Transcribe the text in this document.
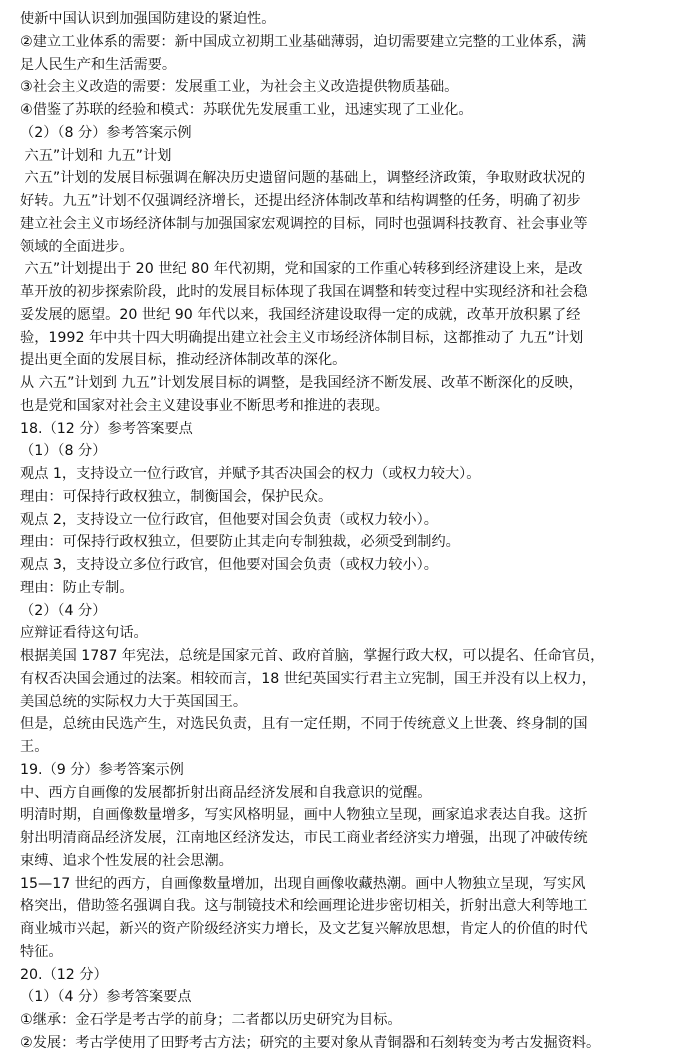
使新中国认识到加强国防建设的紧迫性。
②建立工业体系的需要：新中国成立初期工业基础薄弱，迫切需要建立完整的工业体系，满
足人民生产和生活需要。
③社会主义改造的需要：发展重工业，为社会主义改造提供物质基础。
④借鉴了苏联的经验和模式：苏联优先发展重工业，迅速实现了工业化。
（2）（8 分）参考答案示例
六五”计划和 九五”计划
六五”计划的发展目标强调在解决历史遗留问题的基础上，调整经济政策，争取财政状况的
好转。九五”计划不仅强调经济增长，还提出经济体制改革和结构调整的任务，明确了初步
建立社会主义市场经济体制与加强国家宏观调控的目标，同时也强调科技教育、社会事业等
领域的全面进步。
六五”计划提出于 20 世纪 80 年代初期，党和国家的工作重心转移到经济建设上来，是改
革开放的初步探索阶段，此时的发展目标体现了我国在调整和转变过程中实现经济和社会稳
妥发展的愿望。20 世纪 90 年代以来，我国经济建设取得一定的成就，改革开放积累了经
验，1992 年中共十四大明确提出建立社会主义市场经济体制目标，这都推动了 九五”计划
提出更全面的发展目标，推动经济体制改革的深化。
从 六五”计划到 九五”计划发展目标的调整，是我国经济不断发展、改革不断深化的反映，
也是党和国家对社会主义建设事业不断思考和推进的表现。
18.（12 分）参考答案要点
（1）（8 分）
观点 1，支持设立一位行政官，并赋予其否决国会的权力（或权力较大）。
理由：可保持行政权独立，制衡国会，保护民众。
观点 2，支持设立一位行政官，但他要对国会负责（或权力较小）。
理由：可保持行政权独立，但要防止其走向专制独裁，必须受到制约。
观点 3，支持设立多位行政官，但他要对国会负责（或权力较小）。
理由：防止专制。
（2）（4 分）
应辩证看待这句话。
根据美国 1787 年宪法，总统是国家元首、政府首脑，掌握行政大权，可以提名、任命官员，
有权否决国会通过的法案。相较而言，18 世纪英国实行君主立宪制，国王并没有以上权力，
美国总统的实际权力大于英国国王。
但是，总统由民选产生，对选民负责，且有一定任期，不同于传统意义上世袭、终身制的国
王。
19.（9 分）参考答案示例
中、西方自画像的发展都折射出商品经济发展和自我意识的觉醒。
明清时期，自画像数量增多，写实风格明显，画中人物独立呈现，画家追求表达自我。这折
射出明清商品经济发展，江南地区经济发达，市民工商业者经济实力增强，出现了冲破传统
束缚、追求个性发展的社会思潮。
15—17 世纪的西方，自画像数量增加，出现自画像收藏热潮。画中人物独立呈现，写实风
格突出，借助签名强调自我。这与制镜技术和绘画理论进步密切相关，折射出意大利等地工
商业城市兴起，新兴的资产阶级经济实力增长，及文艺复兴解放思想，肯定人的价值的时代
特征。
20.（12 分）
（1）（4 分）参考答案要点
①继承：金石学是考古学的前身；二者都以历史研究为目标。
②发展：考古学使用了田野考古方法；研究的主要对象从青铜器和石刻转变为考古发掘资料。
